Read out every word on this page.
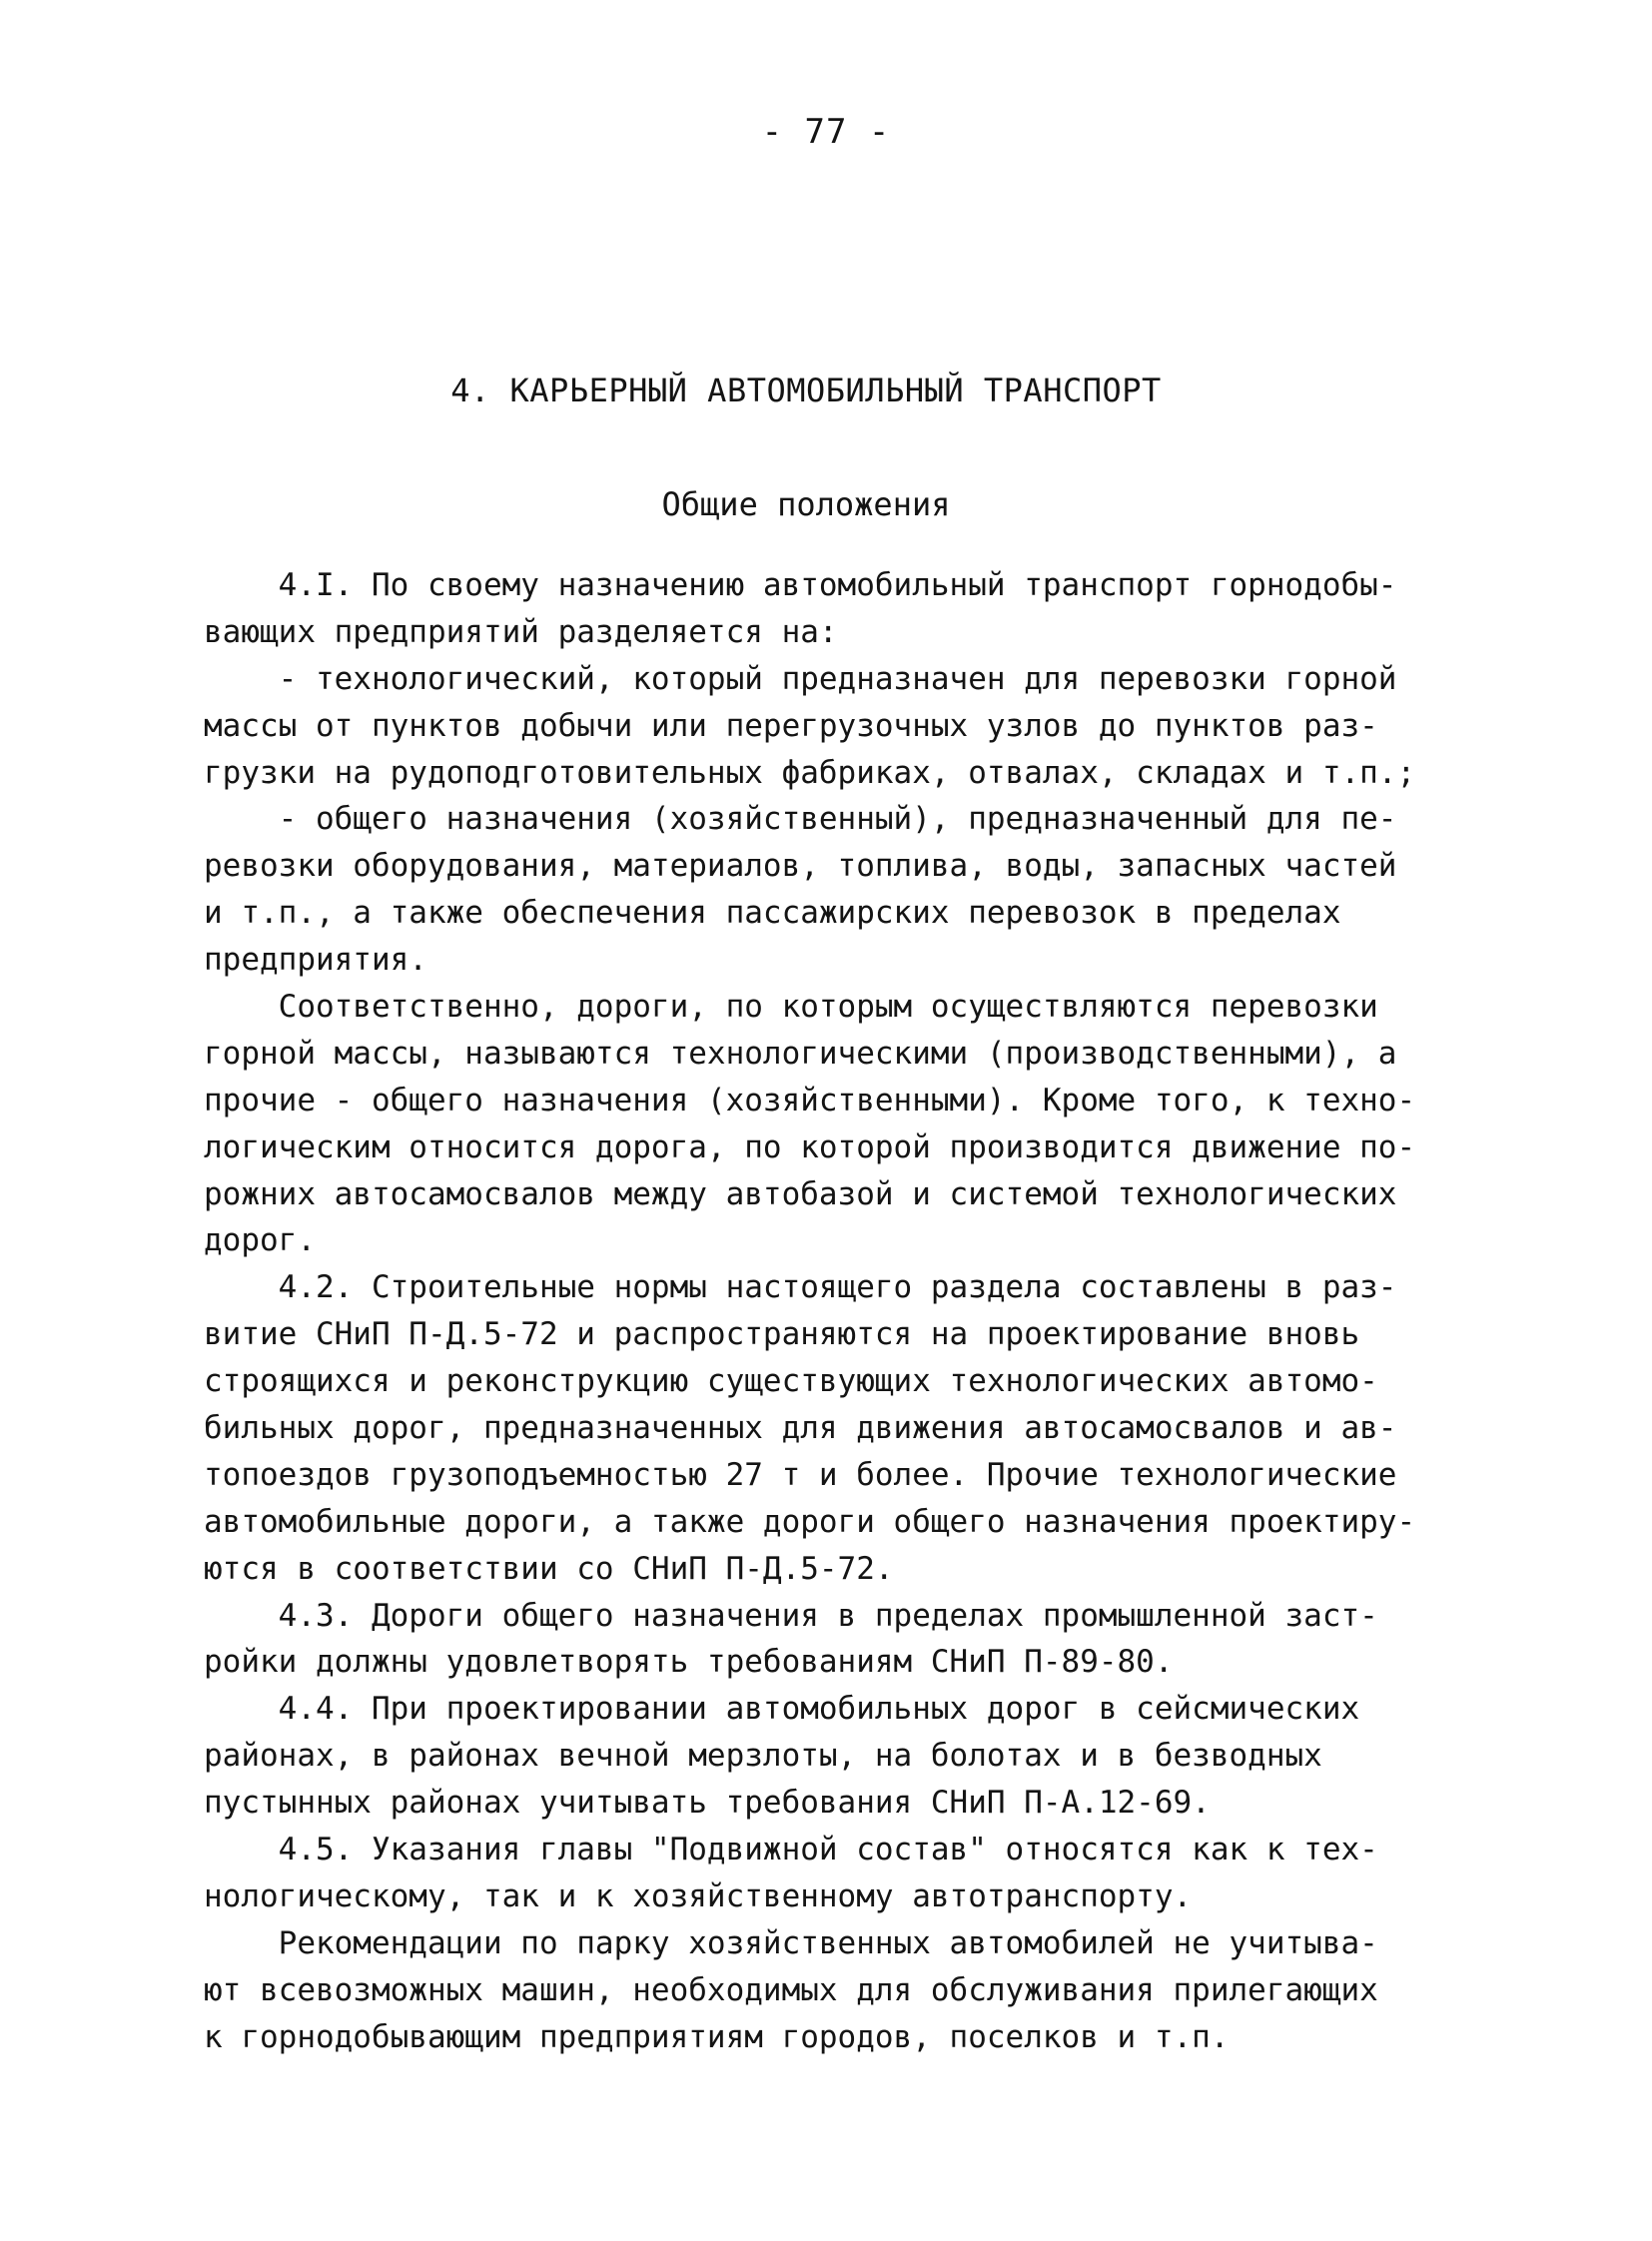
- 77 -
4. КАРЬЕРНЫЙ АВТОМОБИЛЬНЫЙ ТРАНСПОРТ
Общие положения
4.I. По своему назначению автомобильный транспорт горнодобы-
вающих предприятий разделяется на:
- технологический, который предназначен для перевозки горной
массы от пунктов добычи или перегрузочных узлов до пунктов раз-
грузки на рудоподготовительных фабриках, отвалах, складах и т.п.;
- общего назначения (хозяйственный), предназначенный для пе-
ревозки оборудования, материалов, топлива, воды, запасных частей
и т.п., а также обеспечения пассажирских перевозок в пределах
предприятия.
Соответственно, дороги, по которым осуществляются перевозки
горной массы, называются технологическими (производственными), а
прочие - общего назначения (хозяйственными). Кроме того, к техно-
логическим относится дорога, по которой производится движение по-
рожних автосамосвалов между автобазой и системой технологических
дорог.
4.2. Строительные нормы настоящего раздела составлены в раз-
витие СНиП П-Д.5-72 и распространяются на проектирование вновь
строящихся и реконструкцию существующих технологических автомо-
бильных дорог, предназначенных для движения автосамосвалов и ав-
топоездов грузоподъемностью 27 т и более. Прочие технологические
автомобильные дороги, а также дороги общего назначения проектиру-
ются в соответствии со СНиП П-Д.5-72.
4.3. Дороги общего назначения в пределах промышленной заст-
ройки должны удовлетворять требованиям СНиП П-89-80.
4.4. При проектировании автомобильных дорог в сейсмических
районах, в районах вечной мерзлоты, на болотах и в безводных
пустынных районах учитывать требования СНиП П-А.12-69.
4.5. Указания главы "Подвижной состав" относятся как к тех-
нологическому, так и к хозяйственному автотранспорту.
Рекомендации по парку хозяйственных автомобилей не учитыва-
ют всевозможных машин, необходимых для обслуживания прилегающих
к горнодобывающим предприятиям городов, поселков и т.п.
